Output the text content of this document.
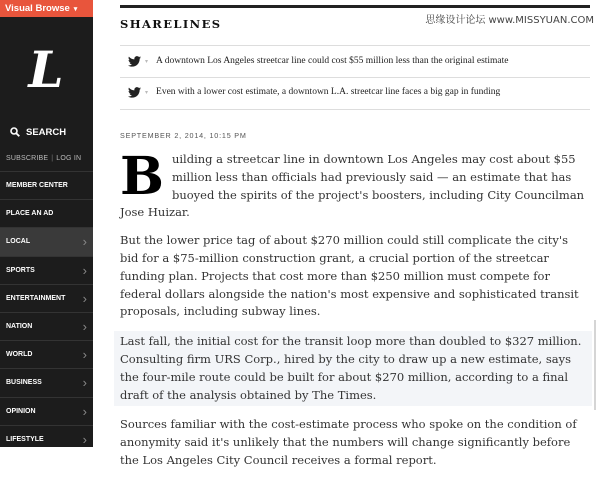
Visual Browse ▾
L
SEARCH
SUBSCRIBE | LOG IN
MEMBER CENTER
PLACE AN AD
LOCAL	›
SPORTS	›
ENTERTAINMENT ›
NATION	›
WORLD	›
BUSINESS	›
OPINION	›
LIFESTYLE	›
SHARELINES	思缘设计论坛 www.MISSYUAN.COM
▾ A downtown Los Angeles streetcar line could cost $55 million less than the original estimate
▾ Even with a lower cost estimate, a downtown L.A. streetcar line faces a big gap in funding
SEPTEMBER 2, 2014, 10:15 PM

B uilding a streetcar line in downtown Los Angeles may cost about $55 million less than officials had previously said — an estimate that has buoyed the spirits of the project's boosters, including City Councilman Jose Huizar.

But the lower price tag of about $270 million could still complicate the city's bid for a $75-million construction grant, a crucial portion of the streetcar funding plan. Projects that cost more than $250 million must compete for federal dollars alongside the nation's most expensive and sophisticated transit proposals, including subway lines.

Last fall, the initial cost for the transit loop more than doubled to $327 million. Consulting firm URS Corp., hired by the city to draw up a new estimate, says the four-mile route could be built for about $270 million, according to a final draft of the analysis obtained by The Times.

Sources familiar with the cost-estimate process who spoke on the condition of anonymity said it's unlikely that the numbers will change significantly before the Los Angeles City Council receives a formal report.
